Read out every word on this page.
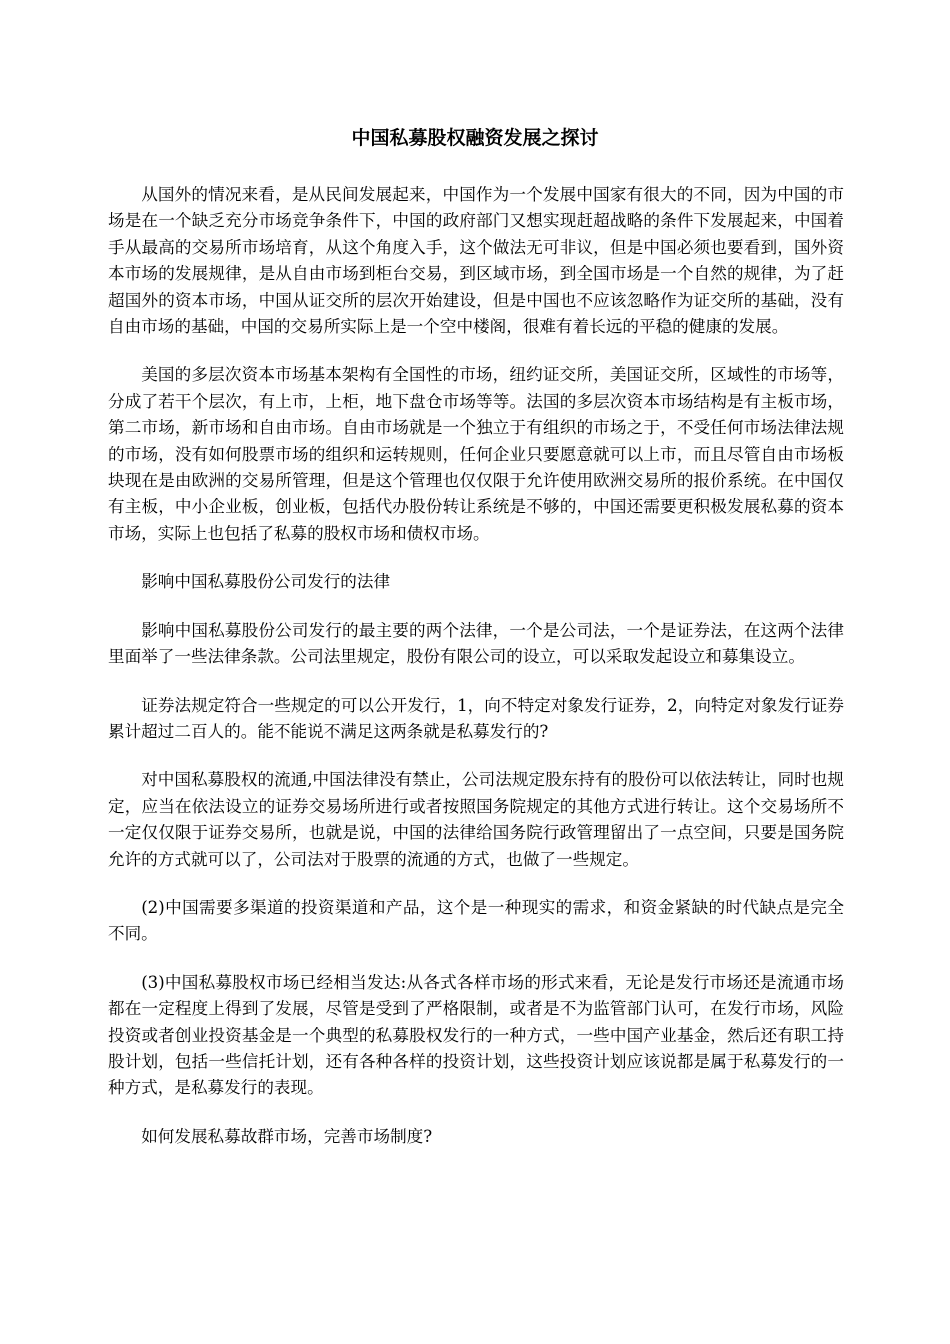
中国私募股权融资发展之探讨

从国外的情况来看，是从民间发展起来，中国作为一个发展中国家有很大的不同，因为中国的市场是在一个缺乏充分市场竞争条件下，中国的政府部门又想实现赶超战略的条件下发展起来，中国着手从最高的交易所市场培育，从这个角度入手，这个做法无可非议，但是中国必须也要看到，国外资本市场的发展规律，是从自由市场到柜台交易，到区域市场，到全国市场是一个自然的规律，为了赶超国外的资本市场，中国从证交所的层次开始建设，但是中国也不应该忽略作为证交所的基础，没有自由市场的基础，中国的交易所实际上是一个空中楼阁，很难有着长远的平稳的健康的发展。

美国的多层次资本市场基本架构有全国性的市场，纽约证交所，美国证交所，区域性的市场等，分成了若干个层次，有上市，上柜，地下盘仓市场等等。法国的多层次资本市场结构是有主板市场，第二市场，新市场和自由市场。自由市场就是一个独立于有组织的市场之于，不受任何市场法律法规的市场，没有如何股票市场的组织和运转规则，任何企业只要愿意就可以上市，而且尽管自由市场板块现在是由欧洲的交易所管理，但是这个管理也仅仅限于允许使用欧洲交易所的报价系统。在中国仅有主板，中小企业板，创业板，包括代办股份转让系统是不够的，中国还需要更积极发展私募的资本市场，实际上也包括了私募的股权市场和债权市场。

影响中国私募股份公司发行的法律

影响中国私募股份公司发行的最主要的两个法律，一个是公司法，一个是证券法，在这两个法律里面举了一些法律条款。公司法里规定，股份有限公司的设立，可以采取发起设立和募集设立。

证券法规定符合一些规定的可以公开发行，1，向不特定对象发行证券，2，向特定对象发行证券累计超过二百人的。能不能说不满足这两条就是私募发行的?

对中国私募股权的流通,中国法律没有禁止，公司法规定股东持有的股份可以依法转让，同时也规定，应当在依法设立的证券交易场所进行或者按照国务院规定的其他方式进行转让。这个交易场所不一定仅仅限于证券交易所，也就是说，中国的法律给国务院行政管理留出了一点空间，只要是国务院允许的方式就可以了，公司法对于股票的流通的方式，也做了一些规定。

(2)中国需要多渠道的投资渠道和产品，这个是一种现实的需求，和资金紧缺的时代缺点是完全不同。

(3)中国私募股权市场已经相当发达:从各式各样市场的形式来看，无论是发行市场还是流通市场都在一定程度上得到了发展，尽管是受到了严格限制，或者是不为监管部门认可，在发行市场，风险投资或者创业投资基金是一个典型的私募股权发行的一种方式，一些中国产业基金，然后还有职工持股计划，包括一些信托计划，还有各种各样的投资计划，这些投资计划应该说都是属于私募发行的一种方式，是私募发行的表现。

如何发展私募故群市场，完善市场制度?
